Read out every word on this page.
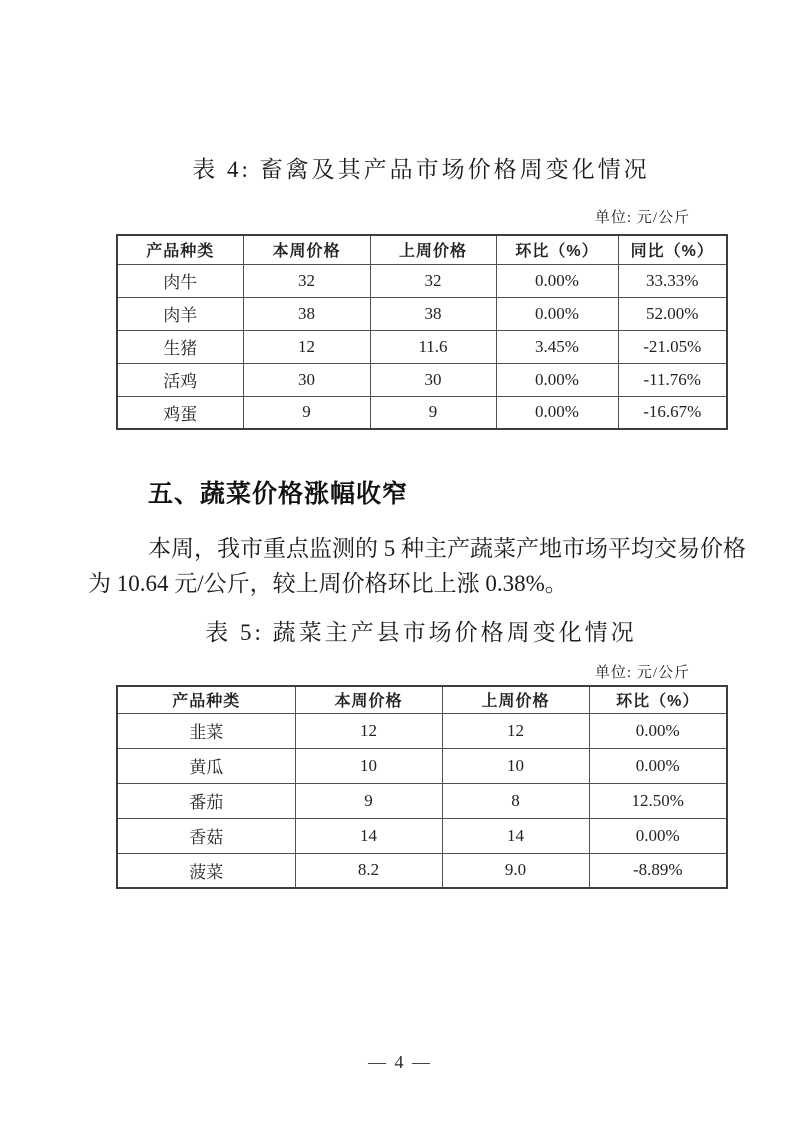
表 4: 畜禽及其产品市场价格周变化情况
单位: 元/公斤
产品种类	本周价格	上周价格	环比（%）	同比（%）
肉牛	32	32	0.00%	33.33%
肉羊	38	38	0.00%	52.00%
生猪	12	11.6	3.45%	-21.05%
活鸡	30	30	0.00%	-11.76%
鸡蛋	9	9	0.00%	-16.67%
五、蔬菜价格涨幅收窄
本周，我市重点监测的 5 种主产蔬菜产地市场平均交易价格
为 10.64 元/公斤，较上周价格环比上涨 0.38%。
表 5: 蔬菜主产县市场价格周变化情况
单位: 元/公斤
产品种类	本周价格	上周价格	环比（%）
韭菜	12	12	0.00%
黄瓜	10	10	0.00%
番茄	9	8	12.50%
香菇	14	14	0.00%
菠菜	8.2	9.0	-8.89%
— 4 —
